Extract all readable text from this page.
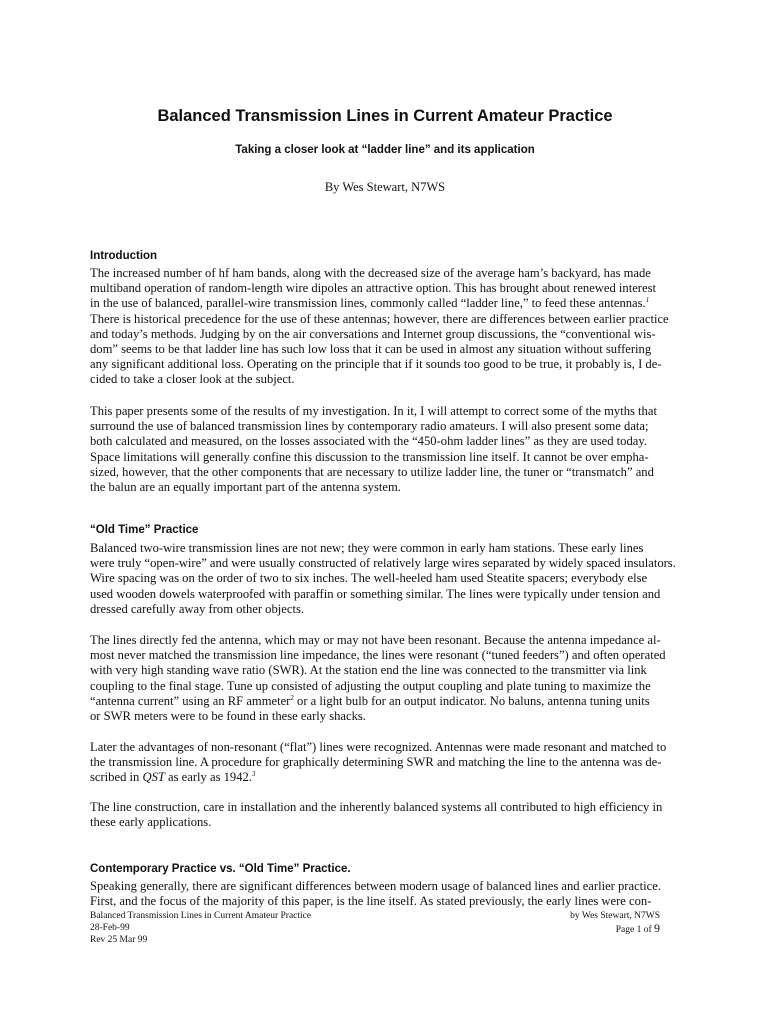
Balanced Transmission Lines in Current Amateur Practice
Taking a closer look at “ladder line” and its application

By Wes Stewart, N7WS

Introduction
The increased number of hf ham bands, along with the decreased size of the average ham’s backyard, has made
multiband operation of random-length wire dipoles an attractive option. This has brought about renewed interest
in the use of balanced, parallel-wire transmission lines, commonly called “ladder line,” to feed these antennas.$^1$
There is historical precedence for the use of these antennas; however, there are differences between earlier practice
and today’s methods. Judging by on the air conversations and Internet group discussions, the “conventional wis-
dom” seems to be that ladder line has such low loss that it can be used in almost any situation without suffering
any significant additional loss. Operating on the principle that if it sounds too good to be true, it probably is, I de-
cided to take a closer look at the subject.
This paper presents some of the results of my investigation. In it, I will attempt to correct some of the myths that
surround the use of balanced transmission lines by contemporary radio amateurs. I will also present some data;
both calculated and measured, on the losses associated with the “450-ohm ladder lines” as they are used today.
Space limitations will generally confine this discussion to the transmission line itself. It cannot be over empha-
sized, however, that the other components that are necessary to utilize ladder line, the tuner or “transmatch” and
the balun are an equally important part of the antenna system.
“Old Time” Practice
Balanced two-wire transmission lines are not new; they were common in early ham stations. These early lines
were truly “open-wire” and were usually constructed of relatively large wires separated by widely spaced insulators.
Wire spacing was on the order of two to six inches. The well-heeled ham used Steatite spacers; everybody else
used wooden dowels waterproofed with paraffin or something similar. The lines were typically under tension and
dressed carefully away from other objects.
The lines directly fed the antenna, which may or may not have been resonant. Because the antenna impedance al-
most never matched the transmission line impedance, the lines were resonant (“tuned feeders”) and often operated
with very high standing wave ratio (SWR). At the station end the line was connected to the transmitter via link
coupling to the final stage. Tune up consisted of adjusting the output coupling and plate tuning to maximize the
“antenna current” using an RF ammeter$^2$ or a light bulb for an output indicator. No baluns, antenna tuning units
or SWR meters were to be found in these early shacks.
Later the advantages of non-resonant (“flat”) lines were recognized. Antennas were made resonant and matched to
the transmission line. A procedure for graphically determining SWR and matching the line to the antenna was de-
scribed in QST as early as 1942.$^3$
The line construction, care in installation and the inherently balanced systems all contributed to high efficiency in
these early applications.
Contemporary Practice vs. “Old Time” Practice.
Speaking generally, there are significant differences between modern usage of balanced lines and earlier practice.
First, and the focus of the majority of this paper, is the line itself. As stated previously, the early lines were con-
Balanced Transmission Lines in Current Amateur Practice	by Wes Stewart, N7WS
28-Feb-99	Page 1 of 9
Rev 25 Mar 99
